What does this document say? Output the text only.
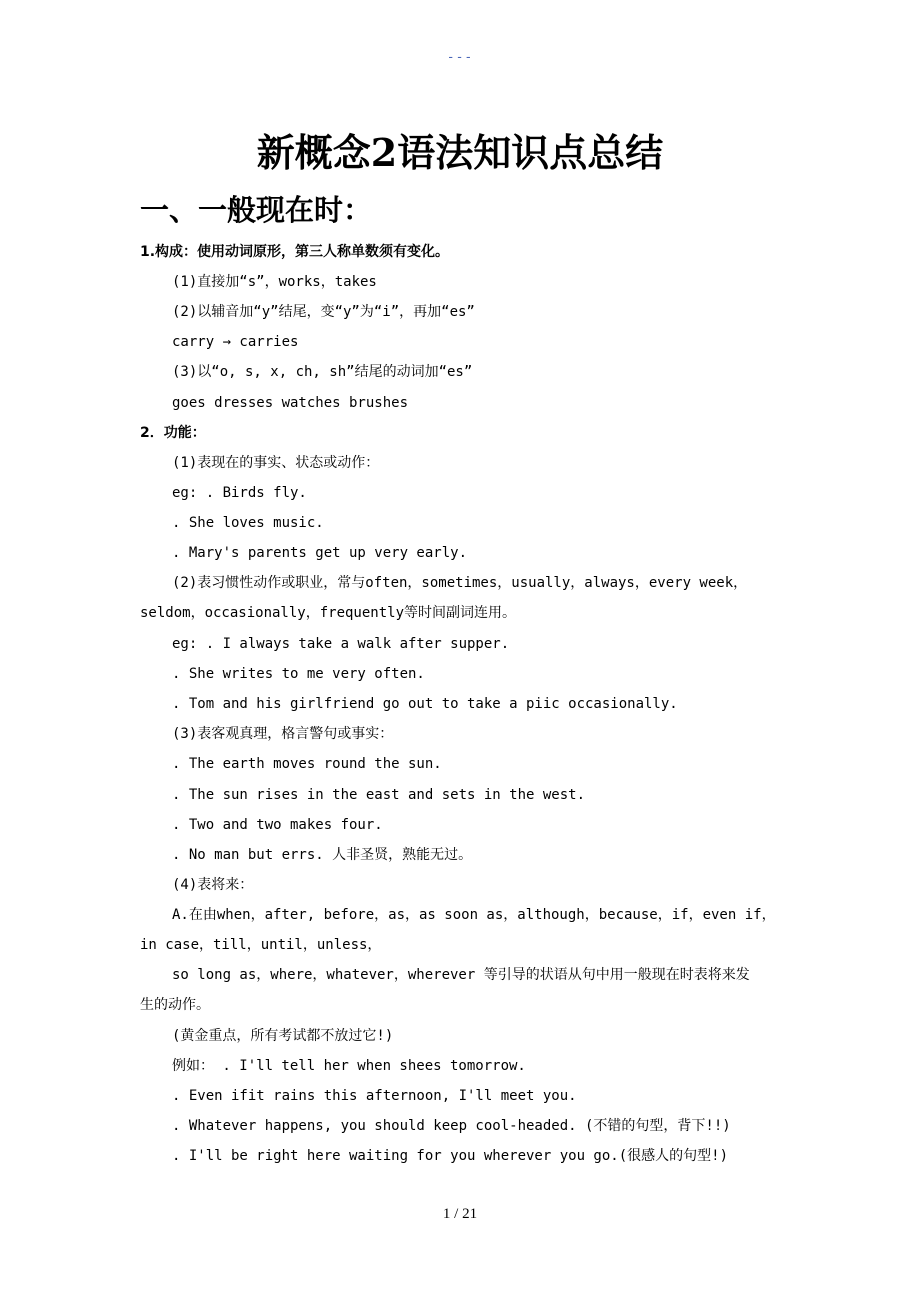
---
新概念2语法知识点总结
一、一般现在时：
1.构成：使用动词原形，第三人称单数须有变化。
(1)直接加“s”，works，takes
(2)以辅音加“y”结尾，变“y”为“i”，再加“es”
carry → carries
(3)以“o, s, x, ch, sh”结尾的动词加“es”
goes dresses watches brushes
2．功能：
(1)表现在的事实、状态或动作：
eg: . Birds fly.
. She loves music.
. Mary's parents get up very early.
(2)表习惯性动作或职业，常与often，sometimes，usually，always，every week，
seldom，occasionally，frequently等时间副词连用。
eg: . I always take a walk after supper.
. She writes to me very often.
. Tom and his girlfriend go out to take a piic occasionally.
(3)表客观真理，格言警句或事实：
. The earth moves round the sun.
. The sun rises in the east and sets in the west.
. Two and two makes four.
. No man but errs. 人非圣贤，熟能无过。
(4)表将来：
A.在由when，after, before，as，as soon as，although，because，if，even if，
in case，till，until，unless，
so long as，where，whatever，wherever 等引导的状语从句中用一般现在时表将来发
生的动作。
(黄金重点，所有考试都不放过它!)
例如： . I'll tell her when shees tomorrow.
. Even ifit rains this afternoon, I'll meet you.
. Whatever happens, you should keep cool-headed. (不错的句型，背下!!)
. I'll be right here waiting for you wherever you go.(很感人的句型!)
1 / 21
